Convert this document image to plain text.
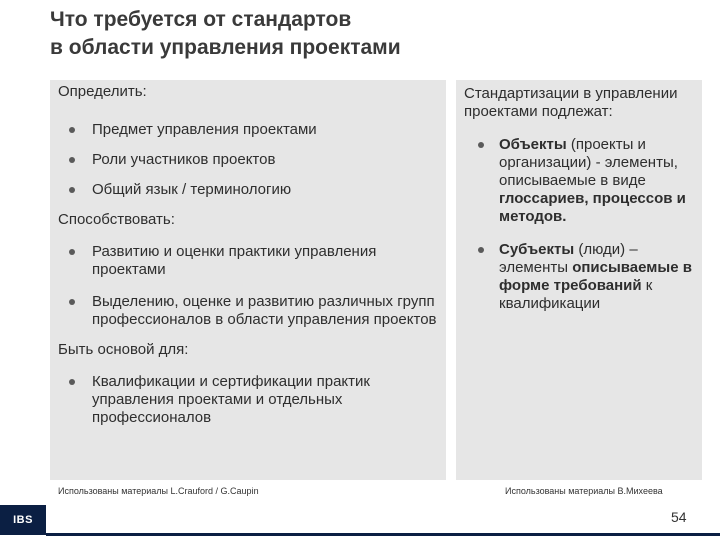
Что требуется от стандартов
в области управления проектами
Определить:
Предмет управления проектами
Роли участников проектов
Общий язык / терминологию
Способствовать:
Развитию и оценки практики управления проектами
Выделению, оценке и развитию различных групп профессионалов в области управления проектов
Быть основой для:
Квалификации и сертификации практик управления проектами и отдельных профессионалов
Стандартизации в управлении проектами подлежат:
Объекты (проекты и организации) - элементы, описываемые в виде глоссариев, процессов и методов.
Субъекты (люди) – элементы описываемые в форме требований к квалификации
Использованы материалы L.Crauford / G.Caupin	Использованы материалы В.Михеева
IBS	54
